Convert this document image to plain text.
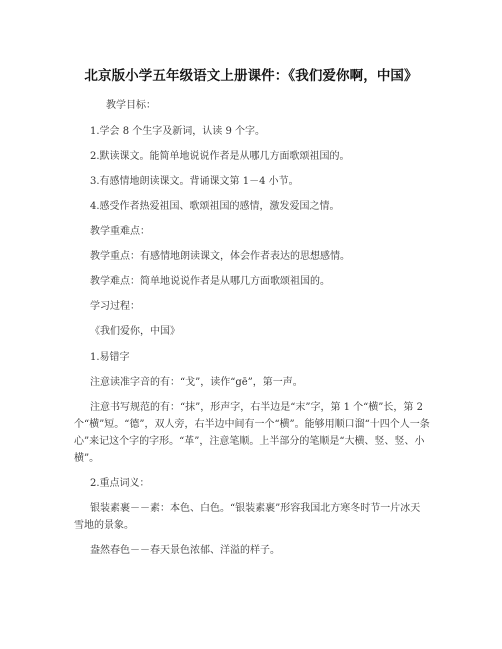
北京版小学五年级语文上册课件：《我们爱你啊，中国》
教学目标：
1.学会 8 个生字及新词，认读 9 个字。
2.默读课文。能简单地说说作者是从哪几方面歌颂祖国的。
3.有感情地朗读课文。背诵课文第 1－4 小节。
4.感受作者热爱祖国、歌颂祖国的感情，激发爱国之情。
教学重难点：
教学重点：有感情地朗读课文，体会作者表达的思想感情。
教学难点：简单地说说作者是从哪几方面歌颂祖国的。
学习过程：
《我们爱你，中国》
1.易错字
注意读准字音的有：“戈”，读作“gē”，第一声。
注意书写规范的有：“抹”，形声字，右半边是“末”字，第 1 个“横”长，第 2 个“横”短。“德”，双人旁，右半边中间有一个“横”。能够用顺口溜“十四个人一条心”来记这个字的字形。“革”，注意笔顺。上半部分的笔顺是“大横、竖、竖、小横”。
2.重点词义：
银装素裹－－素：本色、白色。“银装素裹”形容我国北方寒冬时节一片冰天雪地的景象。
盎然春色－－春天景色浓郁、洋溢的样子。
